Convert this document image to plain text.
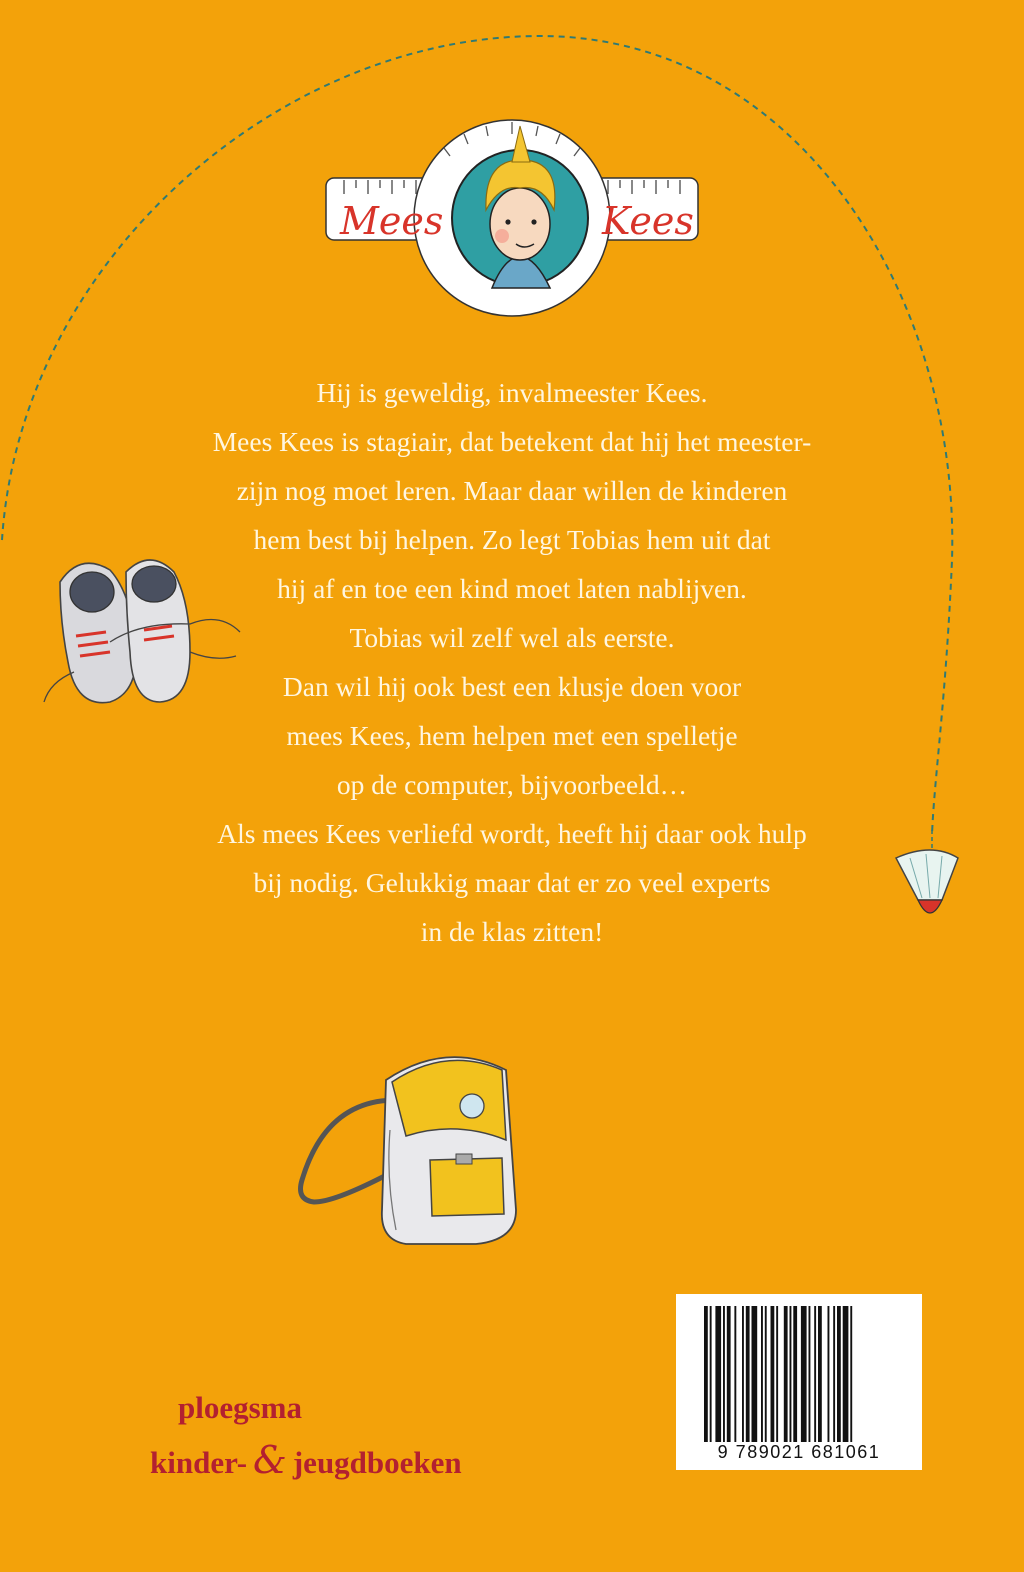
Mees	Kees

Hij is geweldig, invalmeester Kees.
Mees Kees is stagiair, dat betekent dat hij het meester-
zijn nog moet leren. Maar daar willen de kinderen
hem best bij helpen. Zo legt Tobias hem uit dat
hij af en toe een kind moet laten nablijven.
Tobias wil zelf wel als eerste.
Dan wil hij ook best een klusje doen voor
mees Kees, hem helpen met een spelletje
op de computer, bijvoorbeeld…
Als mees Kees verliefd wordt, heeft hij daar ook hulp
bij nodig. Gelukkig maar dat er zo veel experts
in de klas zitten!

9 789021 681061
ploegsma
kinder- & jeugdboeken
